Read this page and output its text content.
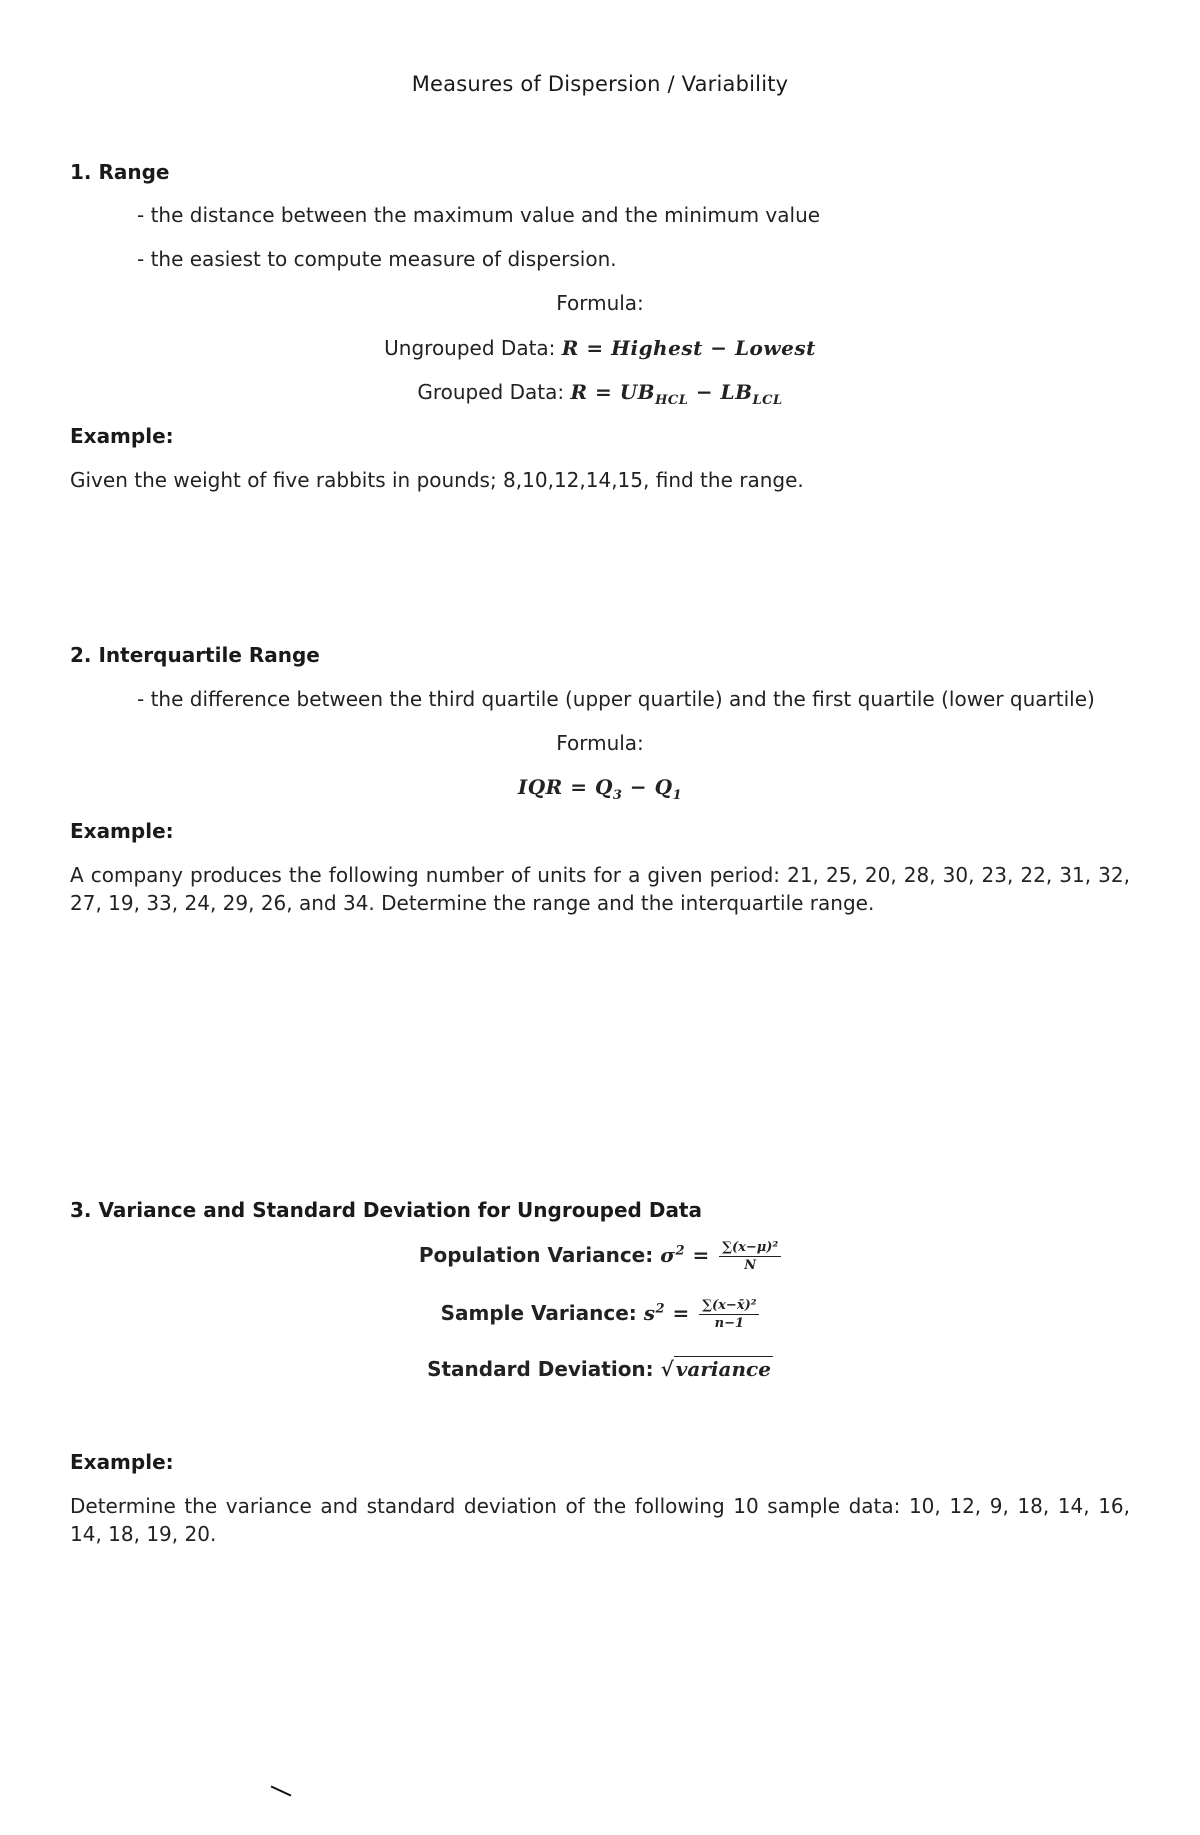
Measures of Dispersion / Variability
1. Range
- the distance between the maximum value and the minimum value
- the easiest to compute measure of dispersion.
Formula:
Ungrouped Data: R = Highest − Lowest
Grouped Data: $R = UB_{HCL} - LB_{LCL}$
Example:
Given the weight of five rabbits in pounds; 8,10,12,14,15, find the range.
2. Interquartile Range
- the difference between the third quartile (upper quartile) and the first quartile (lower quartile)
Formula:
IQR = $Q_3 - Q_1$
Example:
A company produces the following number of units for a given period: 21, 25, 20, 28, 30, 23, 22, 31, 32, 27, 19, 33, 24, 29, 26, and 34. Determine the range and the interquartile range.
3. Variance and Standard Deviation for Ungrouped Data
Population Variance: $\sigma^2 = \frac{\text{∑(x−μ)²}}{N}$
Sample Variance: $s^2 = \frac{\text{∑(x−x̄)²}}{n-1}$
Standard Deviation: √ variance
Example:
Determine the variance and standard deviation of the following 10 sample data: 10, 12, 9, 18, 14, 16, 14, 18, 19, 20.
